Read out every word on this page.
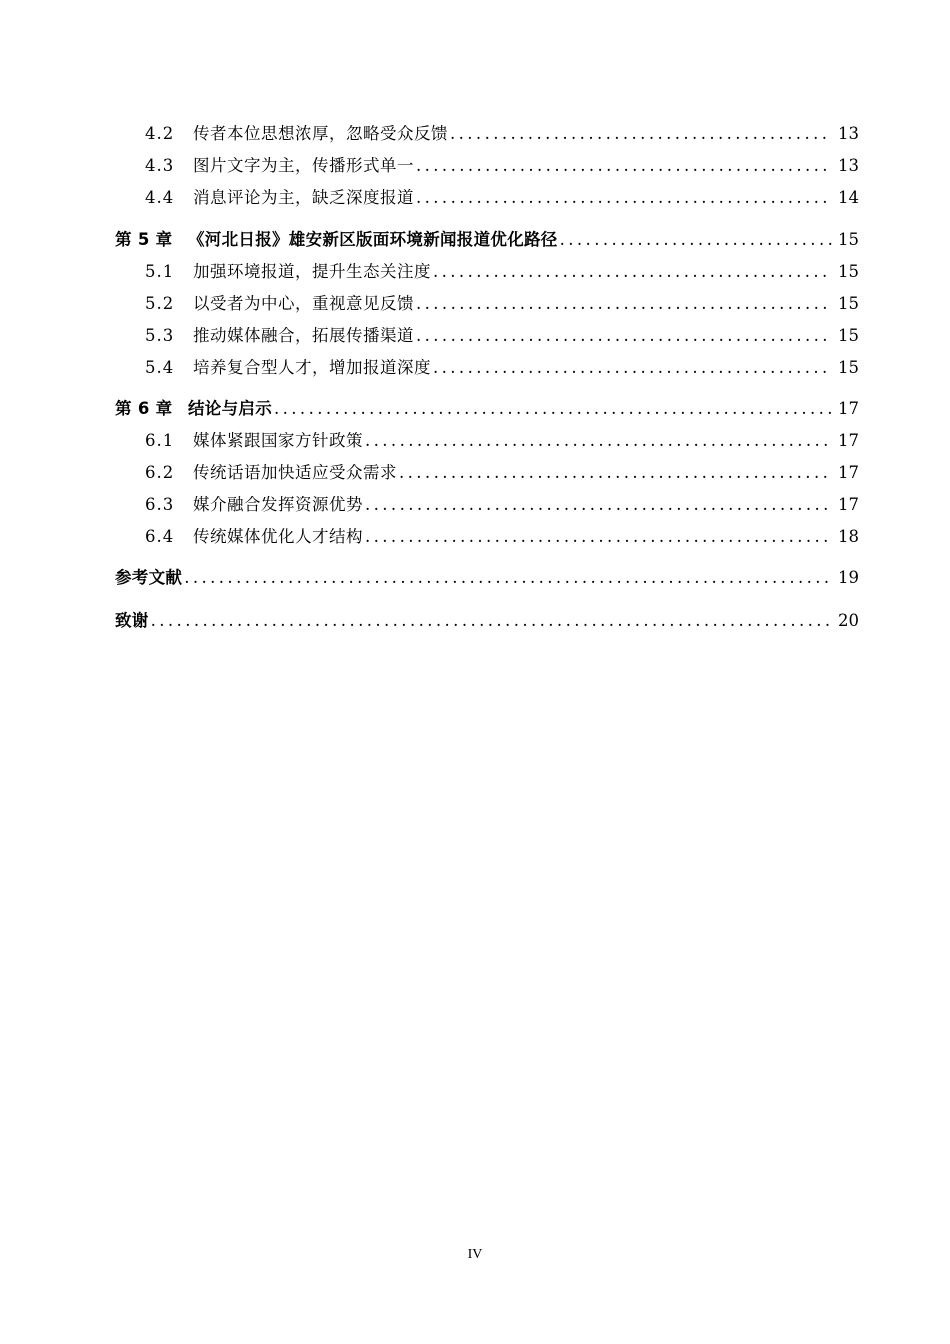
4.2	传者本位思想浓厚，忽略受众反馈 .....	13
4.3	图片文字为主，传播形式单一 .....	13
4.4	消息评论为主，缺乏深度报道 .....	14
第 5 章 《河北日报》雄安新区版面环境新闻报道优化路径 .....	15
5.1	加强环境报道，提升生态关注度 .....	15
5.2	以受者为中心，重视意见反馈 .....	15
5.3	推动媒体融合，拓展传播渠道 .....	15
5.4	培养复合型人才，增加报道深度 .....	15
第 6 章 结论与启示 .....	17
6.1	媒体紧跟国家方针政策 .....	17
6.2	传统话语加快适应受众需求 .....	17
6.3	媒介融合发挥资源优势 .....	17
6.4	传统媒体优化人才结构 .....	18
参考文献 .....	19
致谢 .....	20
IV
